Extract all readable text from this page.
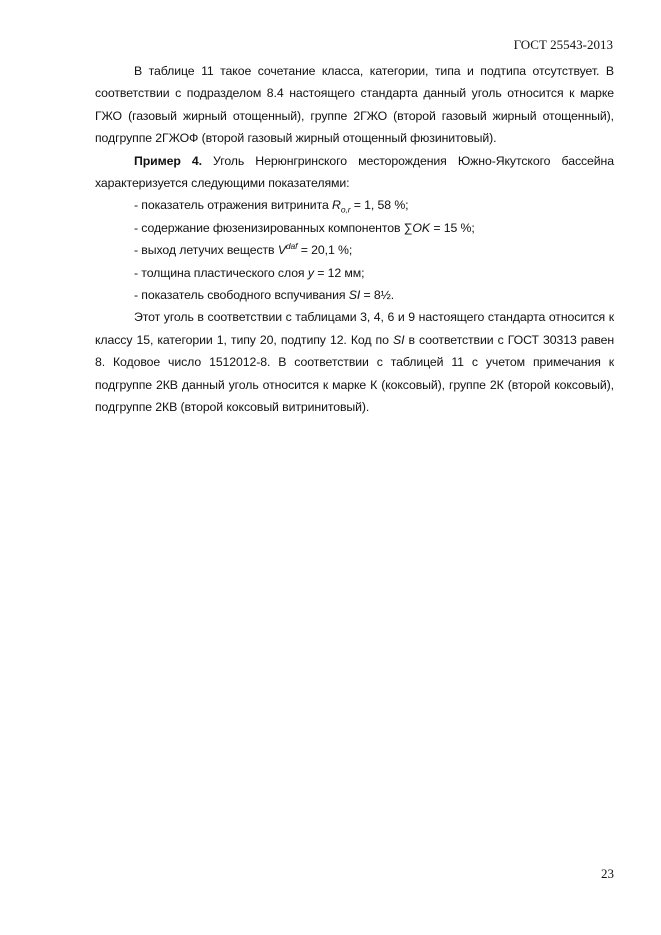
ГОСТ 25543-2013

В таблице 11 такое сочетание класса, категории, типа и подтипа отсутствует. В соответствии с подразделом 8.4 настоящего стандарта данный уголь относится к марке ГЖО (газовый жирный отощенный), группе 2ГЖО (второй газовый жирный отощенный), подгруппе 2ГЖОФ (второй газовый жирный отощенный фюзинитовый).

Пример 4. Уголь Нерюнгринского месторождения Южно-Якутского бассейна характеризуется следующими показателями:

- показатель отражения витринита $R_{o,r} = 1$, 58 %;

- содержание фюзенизированных компонентов ∑OK = 15 %;

- выход летучих веществ $V^{daf} = 20,1$ %;

- толщина пластического слоя y = 12 мм;

- показатель свободного вспучивания SI = 8½.

Этот уголь в соответствии с таблицами 3, 4, 6 и 9 настоящего стандарта относится к классу 15, категории 1, типу 20, подтипу 12. Код по SI в соответствии с ГОСТ 30313 равен 8. Кодовое число 1512012-8. В соответствии с таблицей 11 с учетом примечания к подгруппе 2КВ данный уголь относится к марке К (коксовый), группе 2К (второй коксовый), подгруппе 2КВ (второй коксовый витринитовый).

23
